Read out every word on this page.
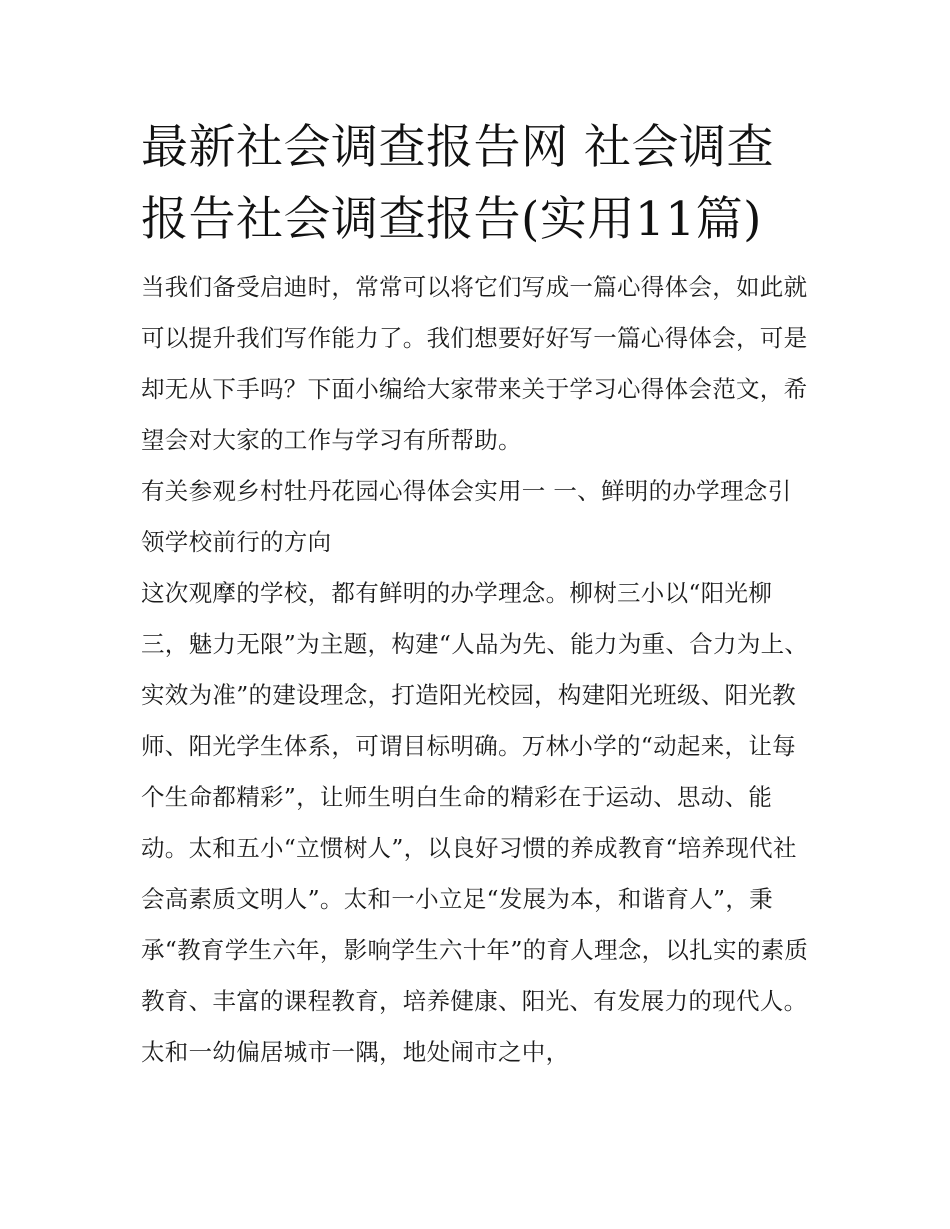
最新社会调查报告网 社会调查报告社会调查报告(实用11篇)

当我们备受启迪时，常常可以将它们写成一篇心得体会，如此就可以提升我们写作能力了。我们想要好好写一篇心得体会，可是却无从下手吗？下面小编给大家带来关于学习心得体会范文，希望会对大家的工作与学习有所帮助。

有关参观乡村牡丹花园心得体会实用一 一、鲜明的办学理念引领学校前行的方向

这次观摩的学校，都有鲜明的办学理念。柳树三小以“阳光柳三，魅力无限”为主题，构建“人品为先、能力为重、合力为上、实效为准”的建设理念，打造阳光校园，构建阳光班级、阳光教师、阳光学生体系，可谓目标明确。万林小学的“动起来，让每个生命都精彩”，让师生明白生命的精彩在于运动、思动、能动。太和五小“立惯树人”，以良好习惯的养成教育“培养现代社会高素质文明人”。太和一小立足“发展为本，和谐育人”，秉承“教育学生六年，影响学生六十年”的育人理念，以扎实的素质教育、丰富的课程教育，培养健康、阳光、有发展力的现代人。太和一幼偏居城市一隅，地处闹市之中，
